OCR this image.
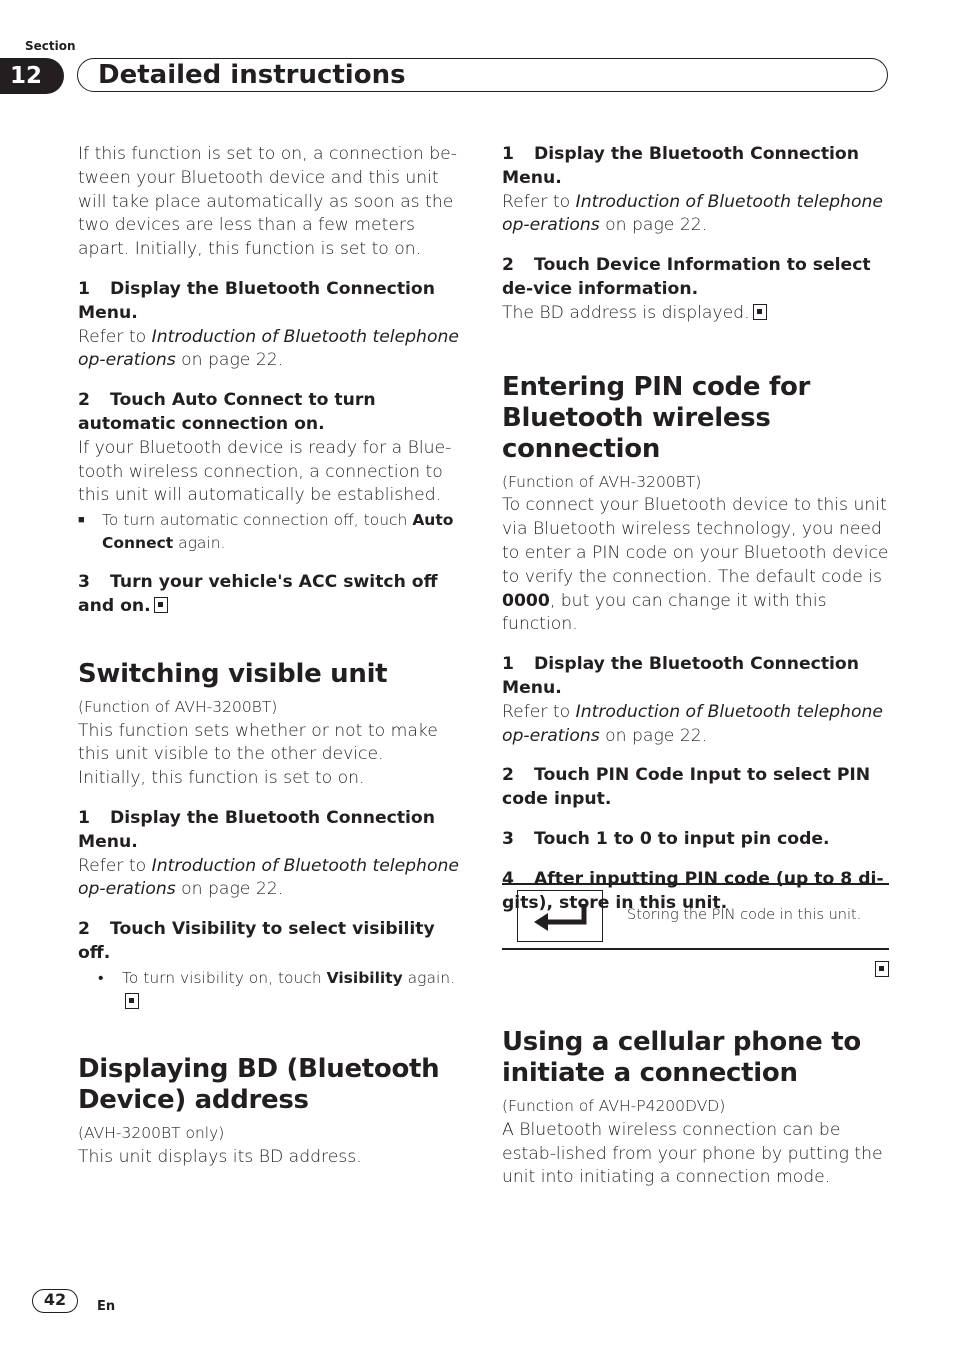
Section
12	Detailed instructions

If this function is set to on, a connection be-tween your Bluetooth device and this unit will take place automatically as soon as the two devices are less than a few meters apart. Initially, this function is set to on.

1 Display the Bluetooth Connection Menu.

Refer to Introduction of Bluetooth telephone op-erations on page 22.

2 Touch Auto Connect to turn automatic connection on.

If your Bluetooth device is ready for a Blue-tooth wireless connection, a connection to this unit will automatically be established.

■ To turn automatic connection off, touch Auto Connect again.

3 Turn your vehicle's ACC switch off and on.

Switching visible unit

(Function of AVH-3200BT)

This function sets whether or not to make this unit visible to the other device.

Initially, this function is set to on.

1 Display the Bluetooth Connection Menu.

Refer to Introduction of Bluetooth telephone op-erations on page 22.

2 Touch Visibility to select visibility off.

• To turn visibility on, touch Visibility again.

Displaying BD (Bluetooth Device) address

(AVH-3200BT only)

This unit displays its BD address.

1 Display the Bluetooth Connection Menu.

Refer to Introduction of Bluetooth telephone op-erations on page 22.

2 Touch Device Information to select de-vice information.

The BD address is displayed.

Entering PIN code for Bluetooth wireless connection

(Function of AVH-3200BT)

To connect your Bluetooth device to this unit via Bluetooth wireless technology, you need to enter a PIN code on your Bluetooth device to verify the connection. The default code is 0000, but you can change it with this function.

1 Display the Bluetooth Connection Menu.

Refer to Introduction of Bluetooth telephone op-erations on page 22.

2 Touch PIN Code Input to select PIN code input.

3 Touch 1 to 0 to input pin code.

4 After inputting PIN code (up to 8 di-gits), store in this unit.

Storing the PIN code in this unit.

Using a cellular phone to initiate a connection

(Function of AVH-P4200DVD)

A Bluetooth wireless connection can be estab-lished from your phone by putting the unit into initiating a connection mode.

42	En
